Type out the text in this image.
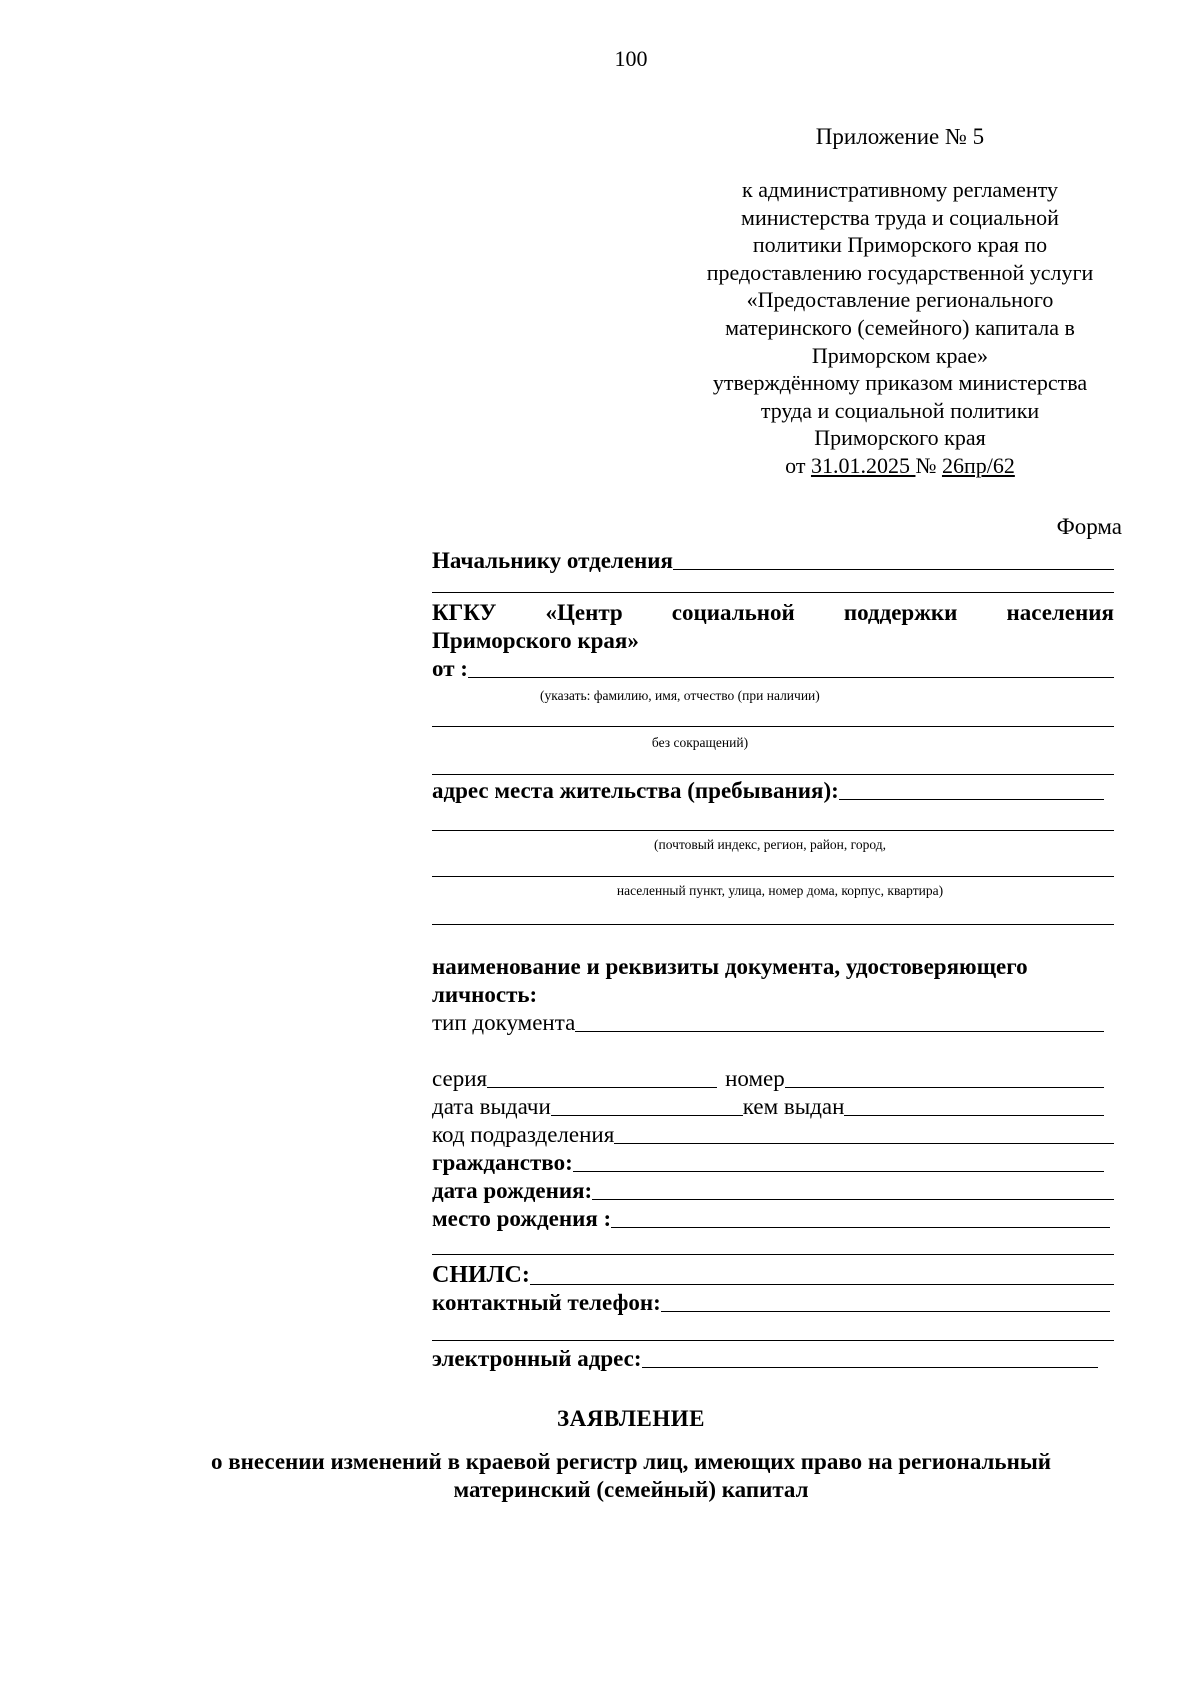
100
Приложение № 5
к административному регламенту
министерства труда и социальной
политики Приморского края по
предоставлению государственной услуги
«Предоставление регионального
материнского (семейного) капитала в
Приморском крае»
утверждённому приказом министерства
труда и социальной политики
Приморского края
от 31.01.2025 № 26пр/62
Форма
Начальнику отделения
КГКУ «Центр социальной поддержки населения
Приморского края»
от :
(указать: фамилию, имя, отчество (при наличии)
без сокращений)
адрес места жительства (пребывания):
(почтовый индекс, регион, район, город,
населенный пункт, улица, номер дома, корпус, квартира)
наименование и реквизиты документа, удостоверяющего
личность:
тип документа
серия	номер
дата выдачи	кем выдан
код подразделения
гражданство:
дата рождения:
место рождения :
СНИЛС:
контактный телефон:
электронный адрес:
ЗАЯВЛЕНИЕ
о внесении изменений в краевой регистр лиц, имеющих право на региональный
материнский (семейный) капитал
